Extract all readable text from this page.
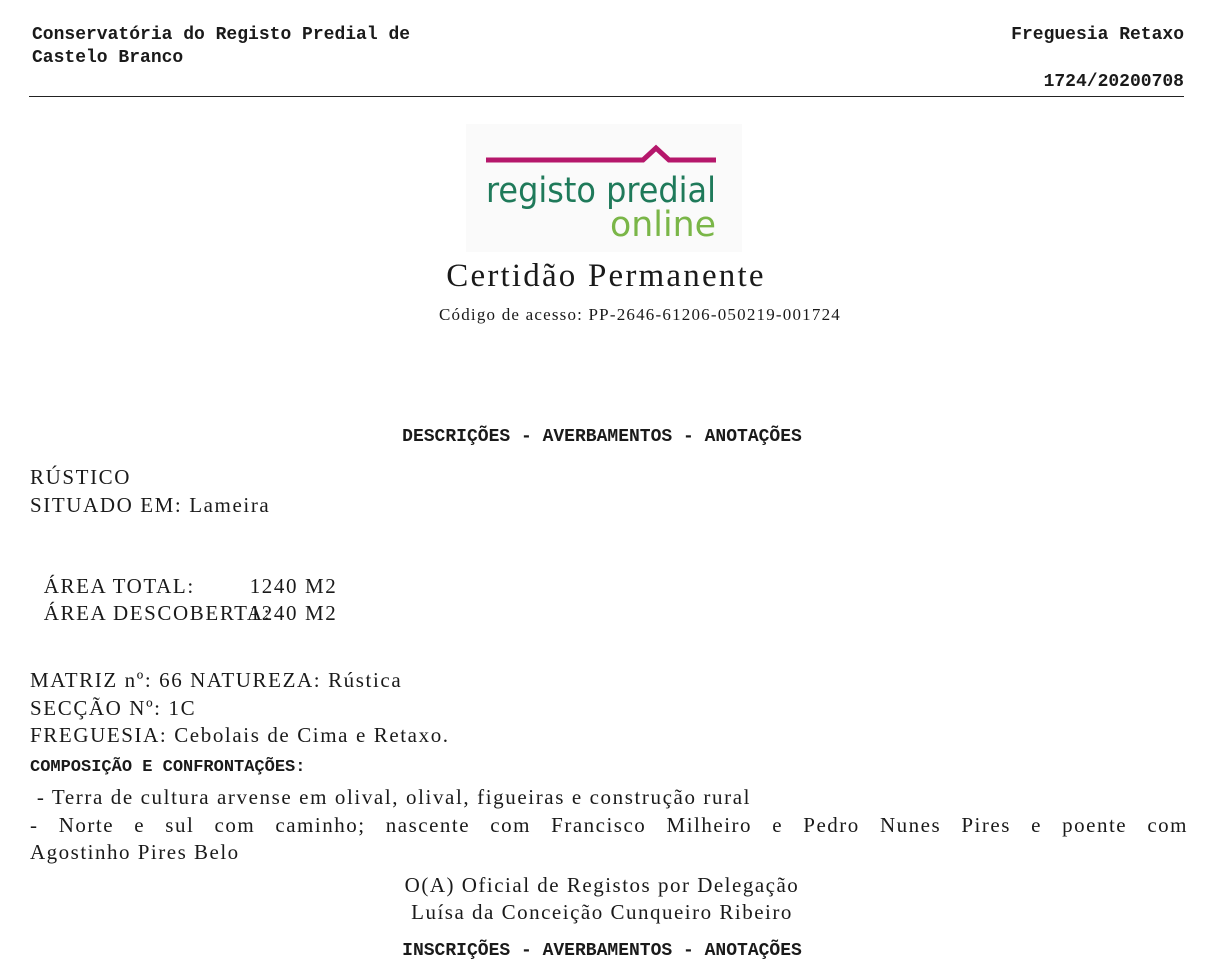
Conservatória do Registo Predial de
Castelo Branco
Freguesia Retaxo
1724/20200708
registo predial
online
Certidão Permanente
Código de acesso: PP-2646-61206-050219-001724
DESCRIÇÕES - AVERBAMENTOS - ANOTAÇÕES
RÚSTICO
SITUADO EM: Lameira

ÁREA TOTAL:	1240 M2

ÁREA DESCOBERTA:1240 M2

MATRIZ nº: 66 NATUREZA: Rústica
SECÇÃO Nº: 1C
FREGUESIA: Cebolais de Cima e Retaxo.
COMPOSIÇÃO E CONFRONTAÇÕES:
- Terra de cultura arvense em olival, olival, figueiras e construção rural
- Norte e sul com caminho; nascente com Francisco Milheiro e Pedro Nunes Pires e poente com
Agostinho Pires Belo
O(A) Oficial de Registos por Delegação
Luísa da Conceição Cunqueiro Ribeiro
INSCRIÇÕES - AVERBAMENTOS - ANOTAÇÕES
